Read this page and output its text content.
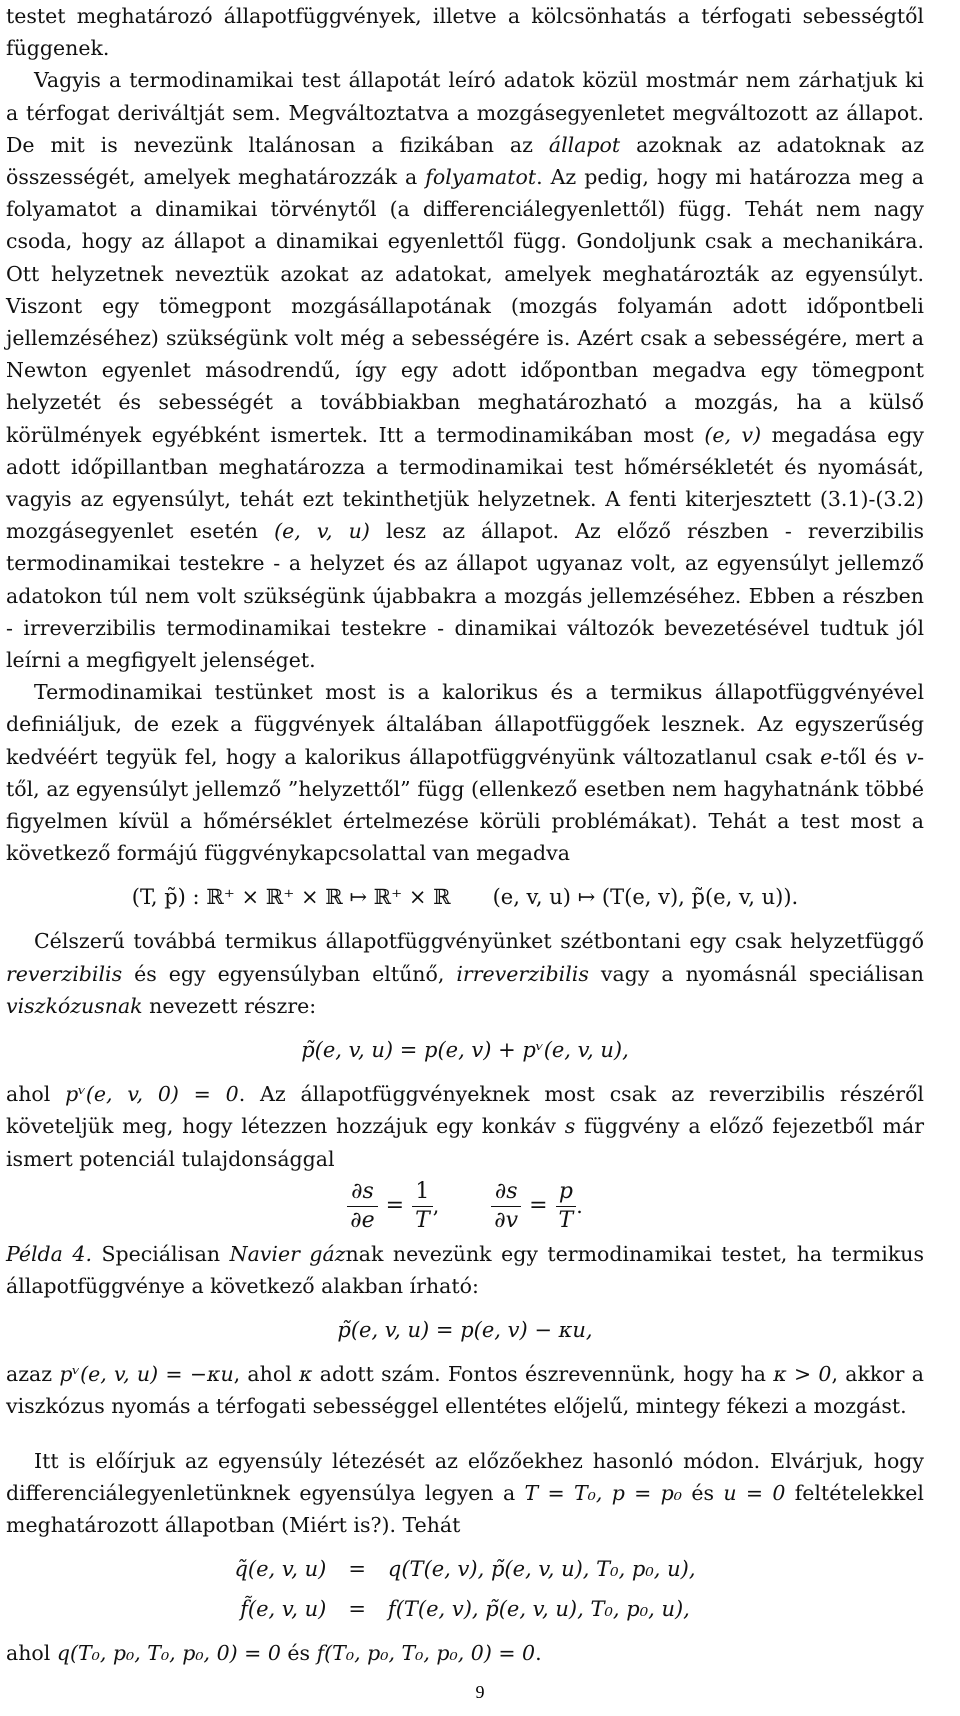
testet meghatározó állapotfüggvények, illetve a kölcsönhatás a térfogati sebességtől függenek.

Vagyis a termodinamikai test állapotát leíró adatok közül mostmár nem zárhatjuk ki a térfogat deriváltját sem. Megváltoztatva a mozgásegyenletet megváltozott az állapot. De mit is nevezünk ltalánosan a fizikában az állapot azoknak az adatoknak az összességét, amelyek meghatározzák a folyamatot. Az pedig, hogy mi határozza meg a folyamatot a dinamikai törvénytől (a differenciálegyenlettől) függ. Tehát nem nagy csoda, hogy az állapot a dinamikai egyenlettől függ. Gondoljunk csak a mechanikára. Ott helyzetnek neveztük azokat az adatokat, amelyek meghatározták az egyensúlyt. Viszont egy tömegpont mozgásállapotának (mozgás folyamán adott időpontbeli jellemzéséhez) szükségünk volt még a sebességére is. Azért csak a sebességére, mert a Newton egyenlet másodrendű, így egy adott időpontban megadva egy tömegpont helyzetét és sebességét a továbbiakban meghatározható a mozgás, ha a külső körülmények egyébként ismertek. Itt a termodinamikában most (e, v) megadása egy adott időpillantban meghatározza a termodinamikai test hőmérsékletét és nyomását, vagyis az egyensúlyt, tehát ezt tekinthetjük helyzetnek. A fenti kiterjesztett (3.1)-(3.2) mozgásegyenlet esetén (e, v, u) lesz az állapot. Az előző részben - reverzibilis termodinamikai testekre - a helyzet és az állapot ugyanaz volt, az egyensúlyt jellemző adatokon túl nem volt szükségünk újabbakra a mozgás jellemzéséhez. Ebben a részben - irreverzibilis termodinamikai testekre - dinamikai változók bevezetésével tudtuk jól leírni a megfigyelt jelenséget.

Termodinamikai testünket most is a kalorikus és a termikus állapotfüggvényével definiáljuk, de ezek a függvények általában állapotfüggőek lesznek. Az egyszerűség kedvéért tegyük fel, hogy a kalorikus állapotfüggvényünk változatlanul csak e-től és v-től, az egyensúlyt jellemző ”helyzettől” függ (ellenkező esetben nem hagyhatnánk többé figyelmen kívül a hőmérséklet értelmezése körüli problémákat). Tehát a test most a következő formájú függvénykapcsolattal van megadva

(T, p̃) : ℝ⁺ × ℝ⁺ × ℝ ↦ ℝ⁺ × ℝ (e, v, u) ↦ (T(e, v), p̃(e, v, u)).

Célszerű továbbá termikus állapotfüggvényünket szétbontani egy csak helyzetfüggő reverzibilis és egy egyensúlyban eltűnő, irreverzibilis vagy a nyomásnál speciálisan viszkózusnak nevezett részre:

p̃(e, v, u) = p(e, v) + pᵛ(e, v, u),

ahol pᵛ(e, v, 0) = 0. Az állapotfüggvényeknek most csak az reverzibilis részéről követeljük meg, hogy létezzen hozzájuk egy konkáv s függvény a előző fejezetből már ismert potenciál tulajdonsággal

$\frac{\partial s}{\partial e} = \frac{1}{T}$ , $\frac{\partial s}{\partial v} = \frac{p}{T}$ .

Példa 4. Speciálisan Navier gáznak nevezünk egy termodinamikai testet, ha termikus állapotfüggvénye a következő alakban írható:

p̃(e, v, u) = p(e, v) − κu,

azaz pᵛ(e, v, u) = −κu, ahol κ adott szám. Fontos észrevennünk, hogy ha κ > 0, akkor a viszkózus nyomás a térfogati sebességgel ellentétes előjelű, mintegy fékezi a mozgást.

Itt is előírjuk az egyensúly létezését az előzőekhez hasonló módon. Elvárjuk, hogy differenciálegyenletünknek egyensúlya legyen a T = T₀, p = p₀ és u = 0 feltételekkel meghatározott állapotban (Miért is?). Tehát

q̃(e, v, u) = q(T(e, v), p̃(e, v, u), T₀, p₀, u),
f̃(e, v, u) = f(T(e, v), p̃(e, v, u), T₀, p₀, u),

ahol q(T₀, p₀, T₀, p₀, 0) = 0 és f(T₀, p₀, T₀, p₀, 0) = 0.

9
